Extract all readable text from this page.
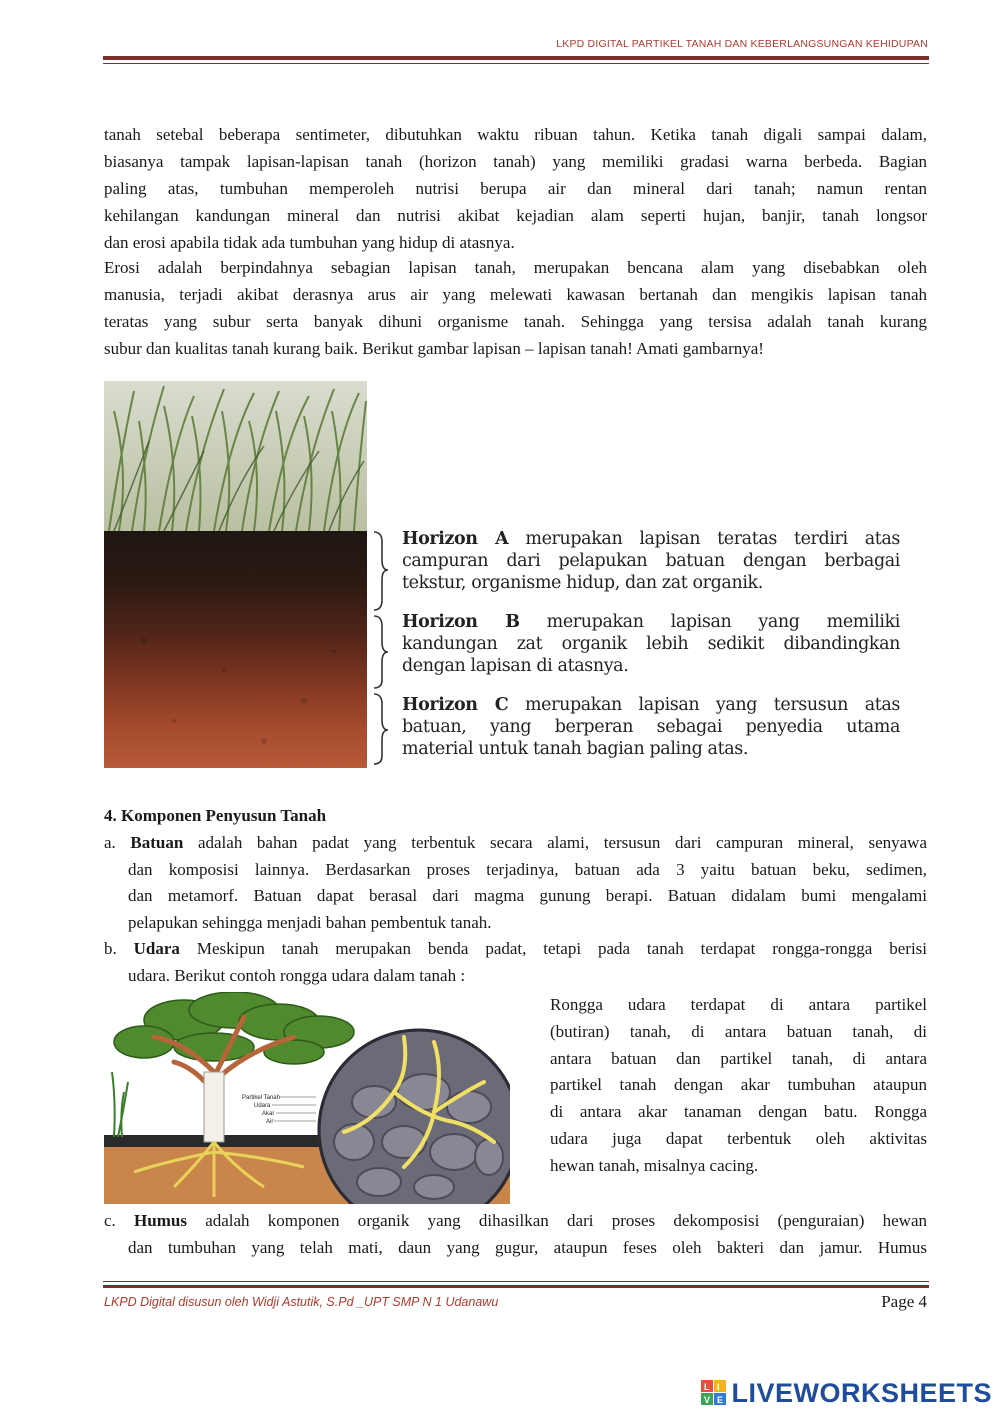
LKPD DIGITAL PARTIKEL TANAH DAN KEBERLANGSUNGAN KEHIDUPAN
tanah setebal beberapa sentimeter, dibutuhkan waktu ribuan tahun. Ketika tanah digali sampai dalam,
biasanya tampak lapisan-lapisan tanah (horizon tanah) yang memiliki gradasi warna berbeda. Bagian
paling atas, tumbuhan memperoleh nutrisi berupa air dan mineral dari tanah; namun rentan
kehilangan kandungan mineral dan nutrisi akibat kejadian alam seperti hujan, banjir, tanah longsor
dan erosi apabila tidak ada tumbuhan yang hidup di atasnya.
Erosi adalah berpindahnya sebagian lapisan tanah, merupakan bencana alam yang disebabkan oleh
manusia, terjadi akibat derasnya arus air yang melewati kawasan bertanah dan mengikis lapisan tanah
teratas yang subur serta banyak dihuni organisme tanah. Sehingga yang tersisa adalah tanah kurang
subur dan kualitas tanah kurang baik. Berikut gambar lapisan – lapisan tanah! Amati gambarnya!
Horizon A merupakan lapisan teratas terdiri atas
campuran dari pelapukan batuan dengan berbagai
tekstur, organisme hidup, dan zat organik.
Horizon B merupakan lapisan yang memiliki
kandungan zat organik lebih sedikit dibandingkan
dengan lapisan di atasnya.
Horizon C merupakan lapisan yang tersusun atas
batuan, yang berperan sebagai penyedia utama
material untuk tanah bagian paling atas.
4. Komponen Penyusun Tanah
a. Batuan adalah bahan padat yang terbentuk secara alami, tersusun dari campuran mineral, senyawa
dan komposisi lainnya. Berdasarkan proses terjadinya, batuan ada 3 yaitu batuan beku, sedimen,
dan metamorf. Batuan dapat berasal dari magma gunung berapi. Batuan didalam bumi mengalami
pelapukan sehingga menjadi bahan pembentuk tanah.
b. Udara Meskipun tanah merupakan benda padat, tetapi pada tanah terdapat rongga-rongga berisi
udara. Berikut contoh rongga udara dalam tanah :
Partikel Tanah
Udara
Akar
Air
Rongga udara terdapat di antara partikel
(butiran) tanah, di antara batuan tanah, di
antara batuan dan partikel tanah, di antara
partikel tanah dengan akar tumbuhan ataupun
di antara akar tanaman dengan batu. Rongga
udara juga dapat terbentuk oleh aktivitas
hewan tanah, misalnya cacing.
c. Humus adalah komponen organik yang dihasilkan dari proses dekomposisi (penguraian) hewan
dan tumbuhan yang telah mati, daun yang gugur, ataupun feses oleh bakteri dan jamur. Humus
LKPD Digital disusun oleh Widji Astutik, S.Pd _UPT SMP N 1 Udanawu	Page 4
L I V E LIVEWORKSHEETS
